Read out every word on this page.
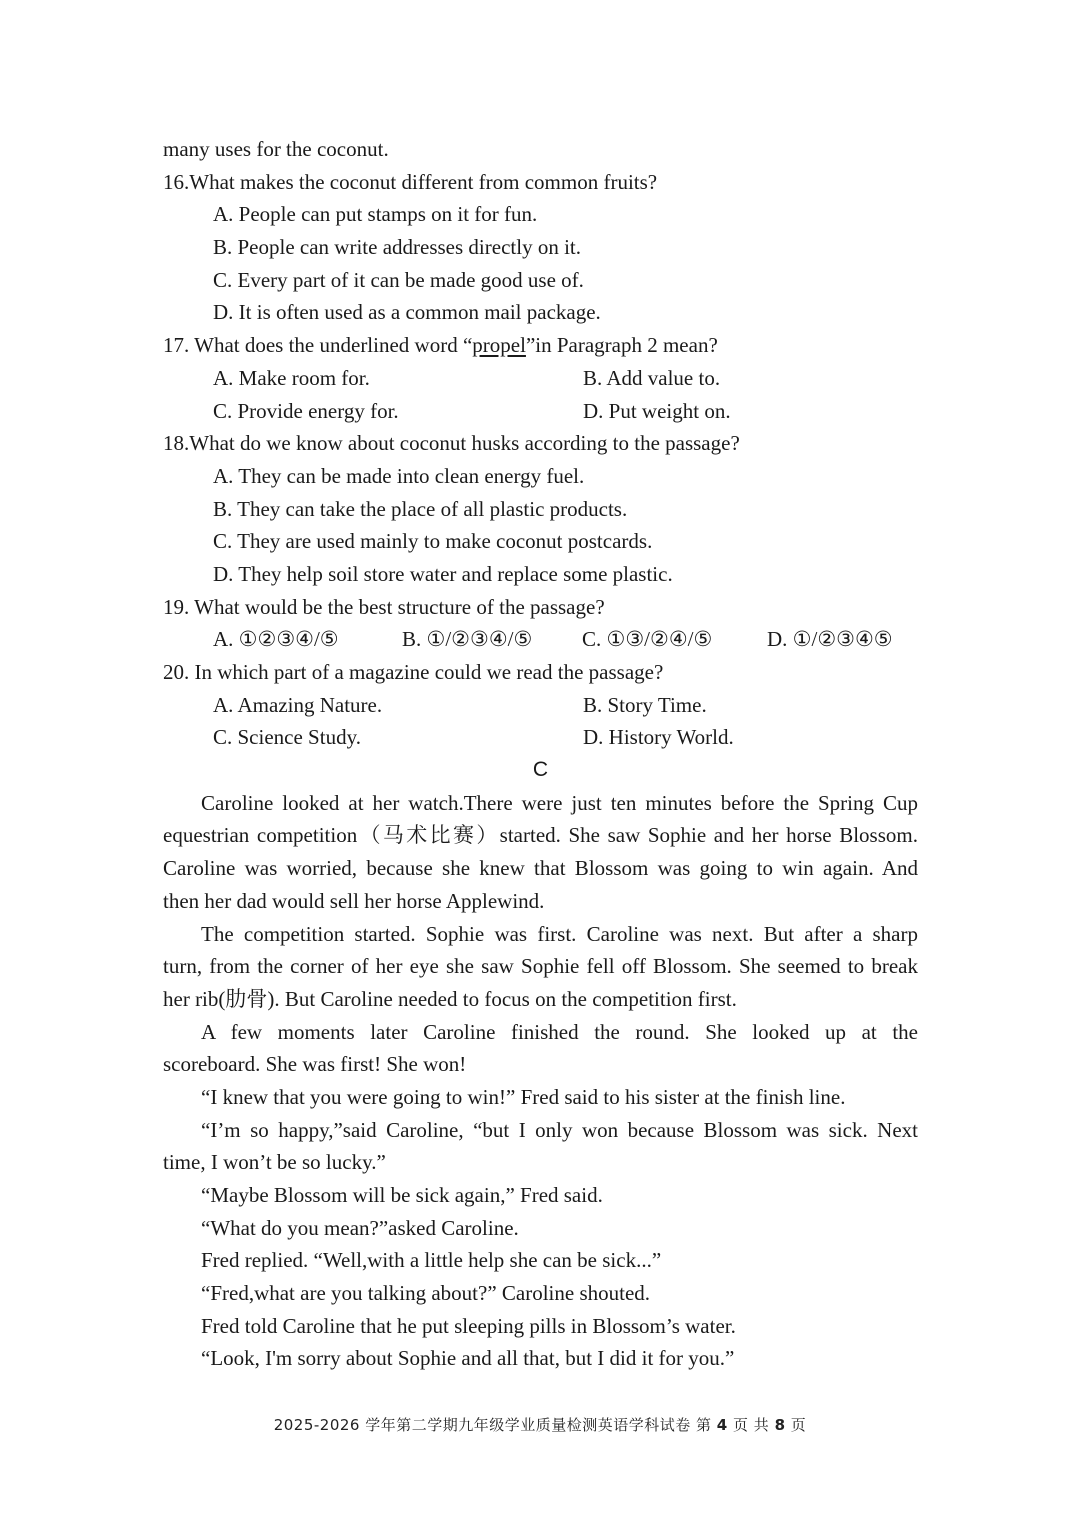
many uses for the coconut.
16.What makes the coconut different from common fruits?
A. People can put stamps on it for fun.
B. People can write addresses directly on it.
C. Every part of it can be made good use of.
D. It is often used as a common mail package.
17. What does the underlined word “propel”in Paragraph 2 mean?
A. Make room for.	B. Add value to.
C. Provide energy for.	D. Put weight on.
18.What do we know about coconut husks according to the passage?
A. They can be made into clean energy fuel.
B. They can take the place of all plastic products.
C. They are used mainly to make coconut postcards.
D. They help soil store water and replace some plastic.
19. What would be the best structure of the passage?
A. ①②③④/⑤	B. ①/②③④/⑤ C. ①③/②④/⑤	D. ①/②③④⑤
20. In which part of a magazine could we read the passage?
A. Amazing Nature.	B. Story Time.
C. Science Study.	D. History World.
C
Caroline looked at her watch.There were just ten minutes before the Spring Cup
equestrian competition（马术比赛）started. She saw Sophie and her horse Blossom.
Caroline was worried, because she knew that Blossom was going to win again. And
then her dad would sell her horse Applewind.
The competition started. Sophie was first. Caroline was next. But after a sharp
turn, from the corner of her eye she saw Sophie fell off Blossom. She seemed to break
her rib(肋骨). But Caroline needed to focus on the competition first.
A few moments later Caroline finished the round. She looked up at the
scoreboard. She was first! She won!
“I knew that you were going to win!” Fred said to his sister at the finish line.
“I’m so happy,”said Caroline, “but I only won because Blossom was sick. Next
time, I won’t be so lucky.”
“Maybe Blossom will be sick again,” Fred said.
“What do you mean?”asked Caroline.
Fred replied. “Well,with a little help she can be sick...”
“Fred,what are you talking about?” Caroline shouted.
Fred told Caroline that he put sleeping pills in Blossom’s water.
“Look, I'm sorry about Sophie and all that, but I did it for you.”
2025-2026 学年第二学期九年级学业质量检测英语学科试卷 第 4 页 共 8 页
